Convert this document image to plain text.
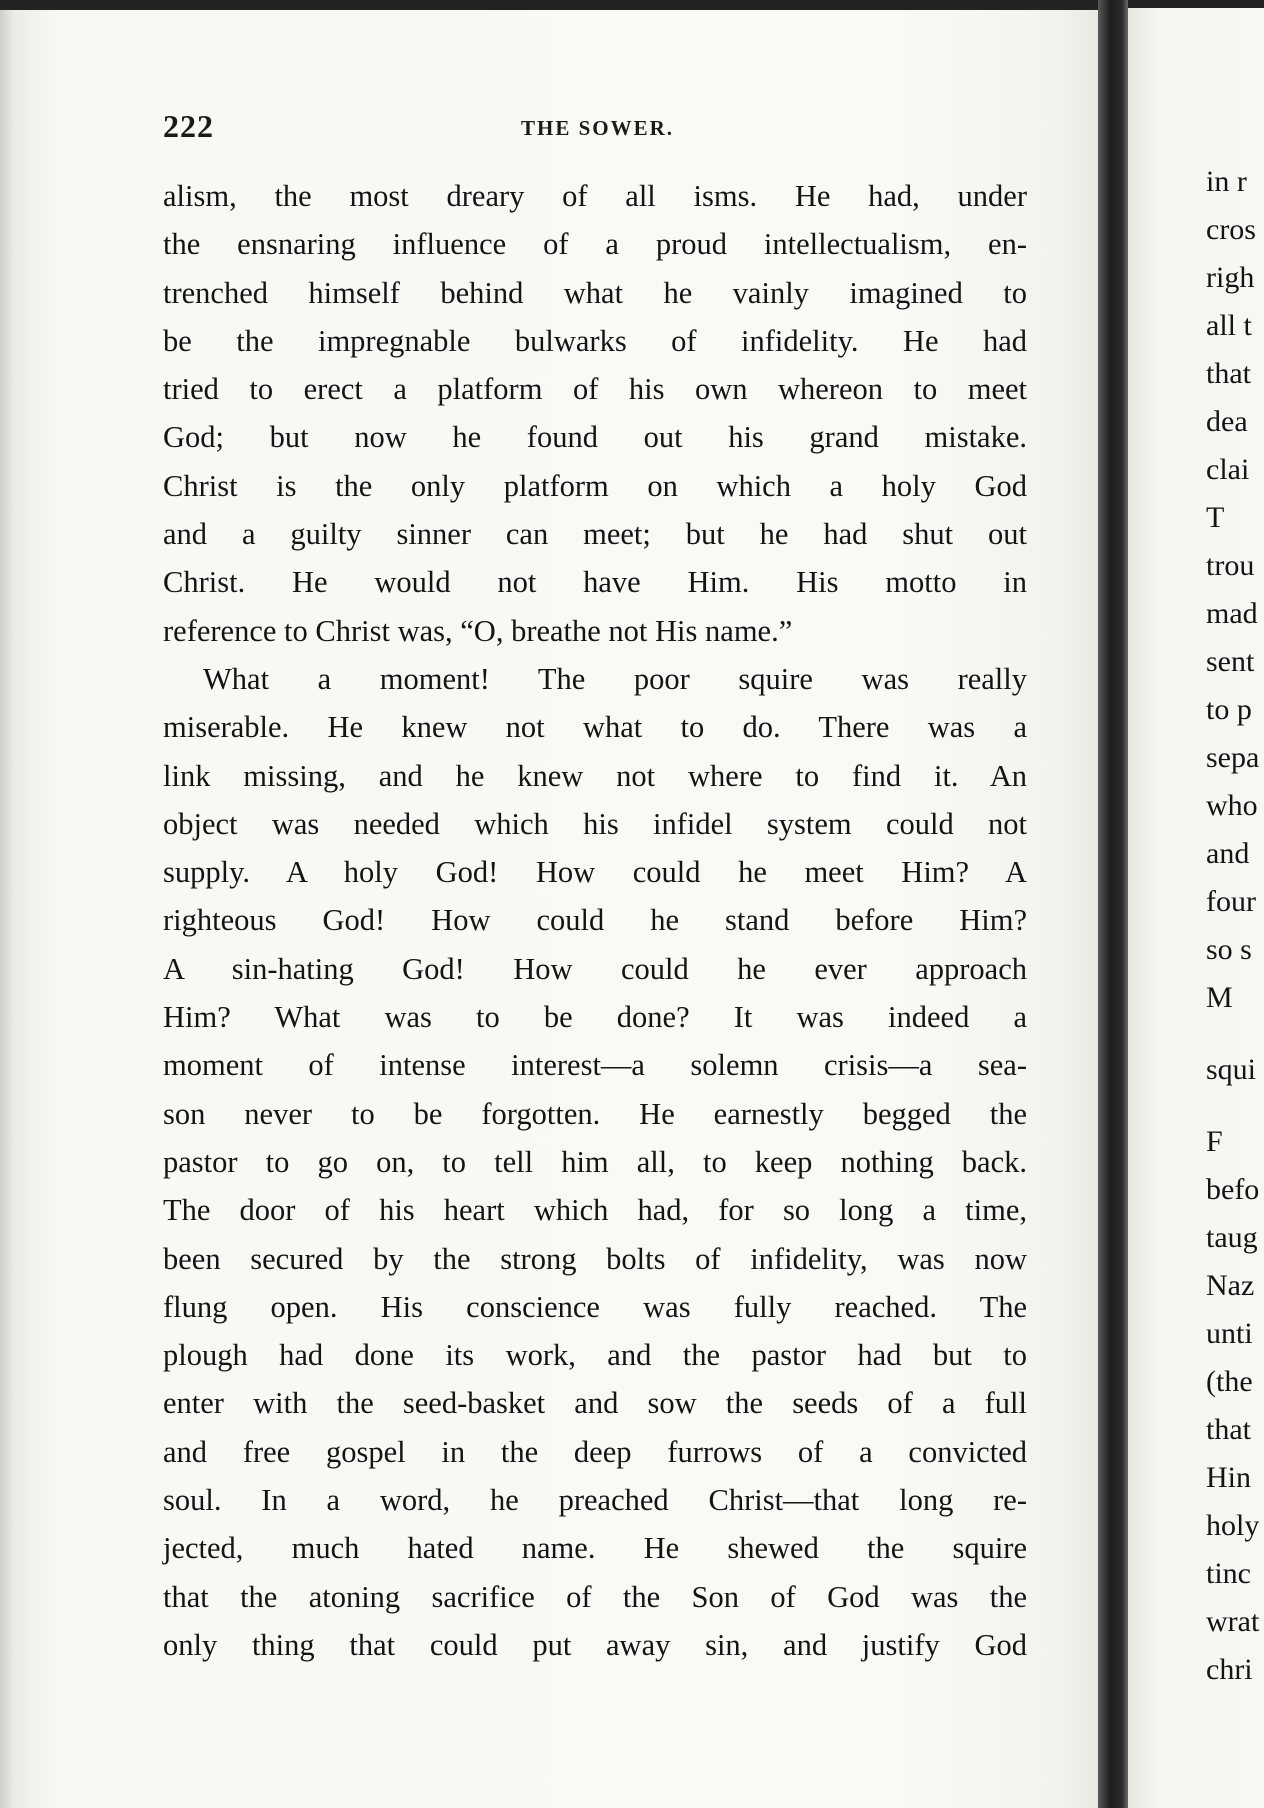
222	THE SOWER.
alism, the most dreary of all isms. He had, under
the ensnaring influence of a proud intellectualism, en-
trenched himself behind what he vainly imagined to
be the impregnable bulwarks of infidelity. He had
tried to erect a platform of his own whereon to meet
God; but now he found out his grand mistake.
Christ is the only platform on which a holy God
and a guilty sinner can meet; but he had shut out
Christ. He would not have Him. His motto in
reference to Christ was, “O, breathe not His name.”
What a moment! The poor squire was really
miserable. He knew not what to do. There was a
link missing, and he knew not where to find it. An
object was needed which his infidel system could not
supply. A holy God! How could he meet Him? A
righteous God! How could he stand before Him?
A sin-hating God! How could he ever approach
Him? What was to be done? It was indeed a
moment of intense interest—a solemn crisis—a sea-
son never to be forgotten. He earnestly begged the
pastor to go on, to tell him all, to keep nothing back.
The door of his heart which had, for so long a time,
been secured by the strong bolts of infidelity, was now
flung open. His conscience was fully reached. The
plough had done its work, and the pastor had but to
enter with the seed-basket and sow the seeds of a full
and free gospel in the deep furrows of a convicted
soul. In a word, he preached Christ—that long re-
jected, much hated name. He shewed the squire
that the atoning sacrifice of the Son of God was the
only thing that could put away sin, and justify God
in r
cros
righ
all t
that
dea
clai
T
trou
mad
sent
to p
sepa
who
and
four
so s
M
squi
F
befo
taug
Naz
unti
(the
that
Hin
holy
tinc
wrat
chri
